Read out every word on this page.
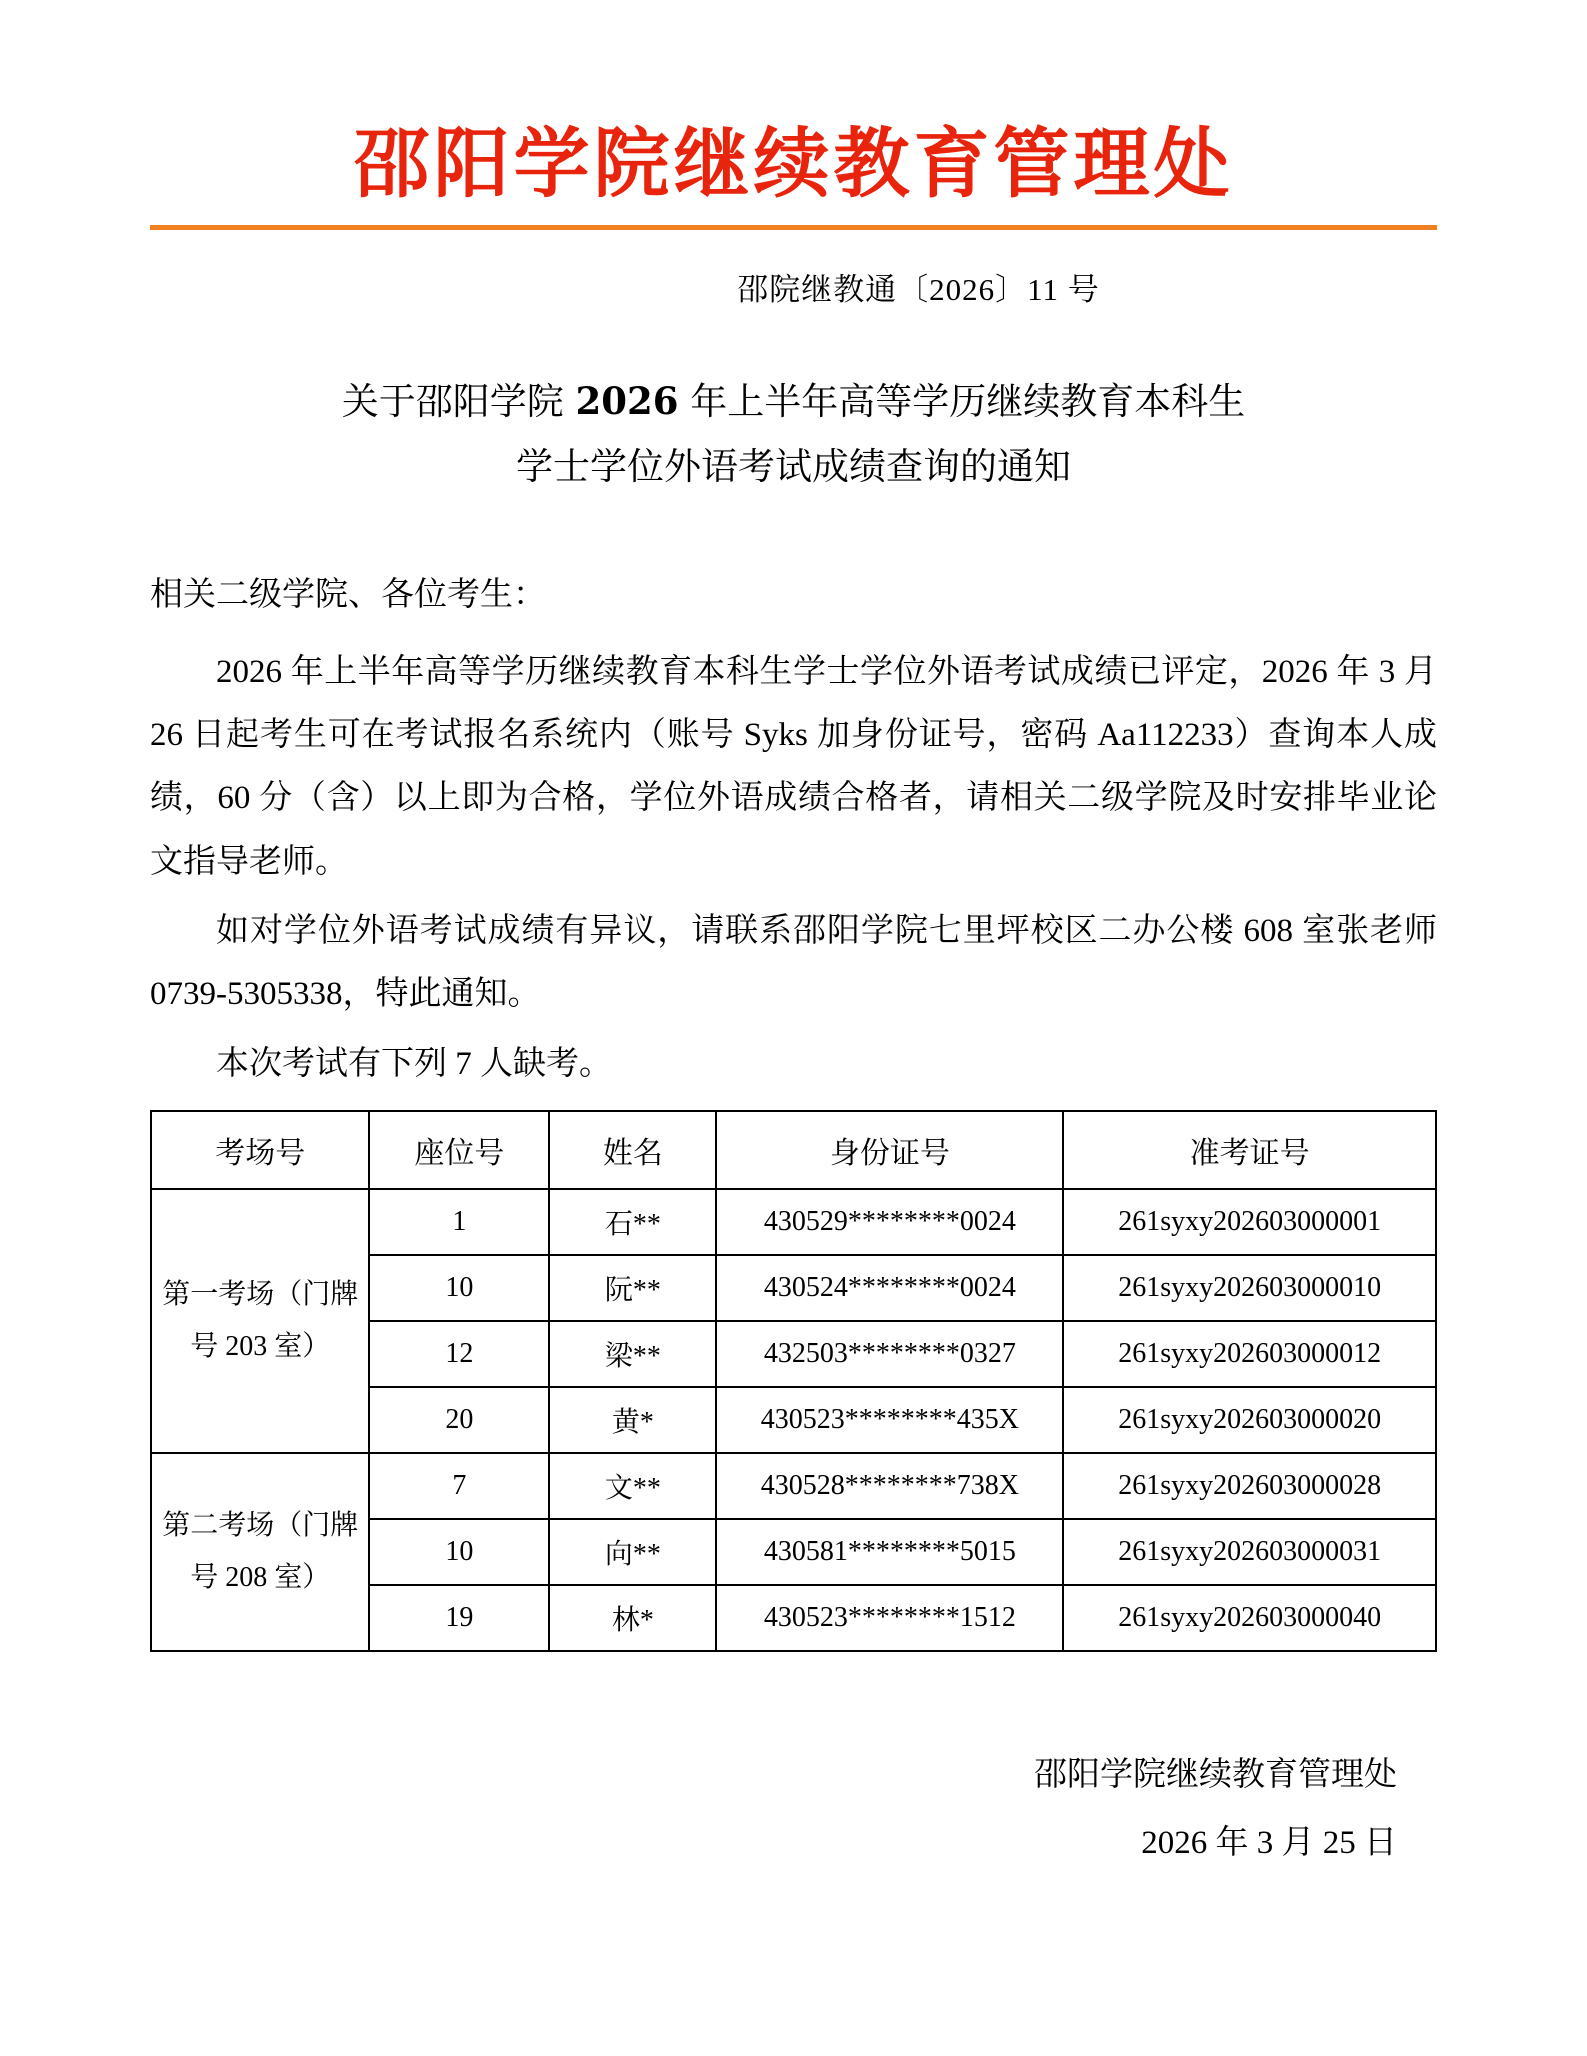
邵阳学院继续教育管理处
邵院继教通〔2026〕11 号
关于邵阳学院 2026 年上半年高等学历继续教育本科生
学士学位外语考试成绩查询的通知
相关二级学院、各位考生：

2026 年上半年高等学历继续教育本科生学士学位外语考试成绩已评定，2026 年 3 月 26 日起考生可在考试报名系统内（账号 Syks 加身份证号，密码 Aa112233）查询本人成绩，60 分（含）以上即为合格，学位外语成绩合格者，请相关二级学院及时安排毕业论文指导老师。

如对学位外语考试成绩有异议，请联系邵阳学院七里坪校区二办公楼 608 室张老师 0739-5305338，特此通知。

本次考试有下列 7 人缺考。

考场号	座位号	姓名	身份证号	准考证号
第一考场（门牌号 203 室）	1	石**	430529********0024	261syxy202603000001
	10	阮**	430524********0024	261syxy202603000010
	12	梁**	432503********0327	261syxy202603000012
	20	黄*	430523********435X	261syxy202603000020
第二考场（门牌号 208 室）	7	文**	430528********738X	261syxy202603000028
	10	向**	430581********5015	261syxy202603000031
	19	林*	430523********1512	261syxy202603000040
邵阳学院继续教育管理处
2026 年 3 月 25 日
